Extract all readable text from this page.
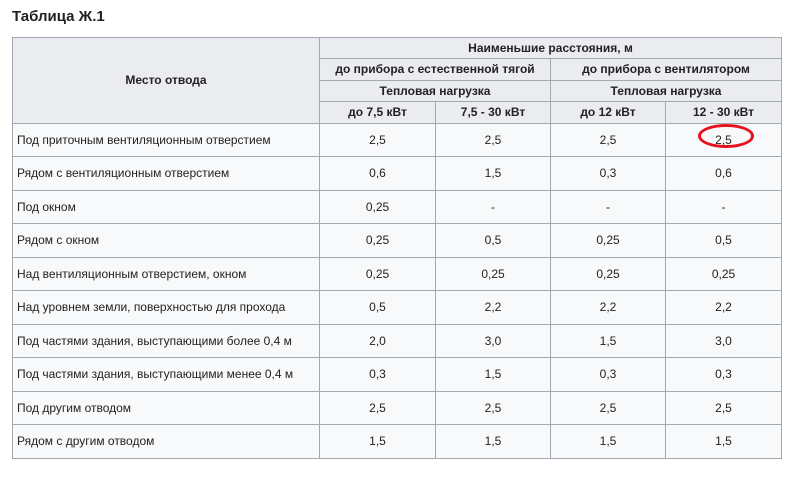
Таблица Ж.1
Место отвода	Наименьшие расстояния, м			
	до прибора с естественной тягой		до прибора с вентилятором	
	Тепловая нагрузка		Тепловая нагрузка	
	до 7,5 кВт	7,5 - 30 кВт	до 12 кВт	12 - 30 кВт
Под приточным вентиляционным отверстием	2,5	2,5	2,5	2,5

Рядом с вентиляционным отверстием	0,6	1,5	0,3	0,6
Под окном	0,25	-	-	-
Рядом с окном	0,25	0,5	0,25	0,5
Над вентиляционным отверстием, окном	0,25	0,25	0,25	0,25
Над уровнем земли, поверхностью для прохода	0,5	2,2	2,2	2,2
Под частями здания, выступающими более 0,4 м	2,0	3,0	1,5	3,0
Под частями здания, выступающими менее 0,4 м	0,3	1,5	0,3	0,3
Под другим отводом	2,5	2,5	2,5	2,5
Рядом с другим отводом	1,5	1,5	1,5	1,5
